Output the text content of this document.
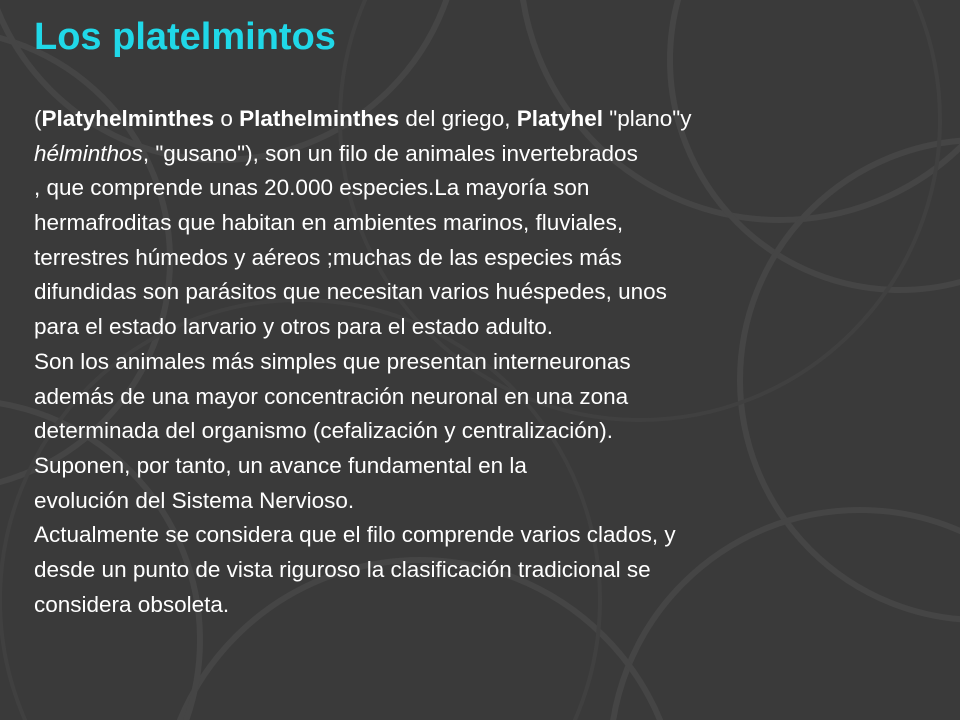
Los platelmintos
(Platyhelminthes o Plathelminthes del griego, Platyhel "plano"y
hélminthos, "gusano"), son un filo de animales invertebrados
, que comprende unas 20.000 especies.La mayoría son
hermafroditas que habitan en ambientes marinos, fluviales,
terrestres húmedos y aéreos ;muchas de las especies más
difundidas son parásitos que necesitan varios huéspedes, unos
para el estado larvario y otros para el estado adulto.
Son los animales más simples que presentan interneuronas
además de una mayor concentración neuronal en una zona
determinada del organismo (cefalización y centralización).
Suponen, por tanto, un avance fundamental en la
evolución del Sistema Nervioso.
Actualmente se considera que el filo comprende varios clados, y
desde un punto de vista riguroso la clasificación tradicional se
considera obsoleta.
